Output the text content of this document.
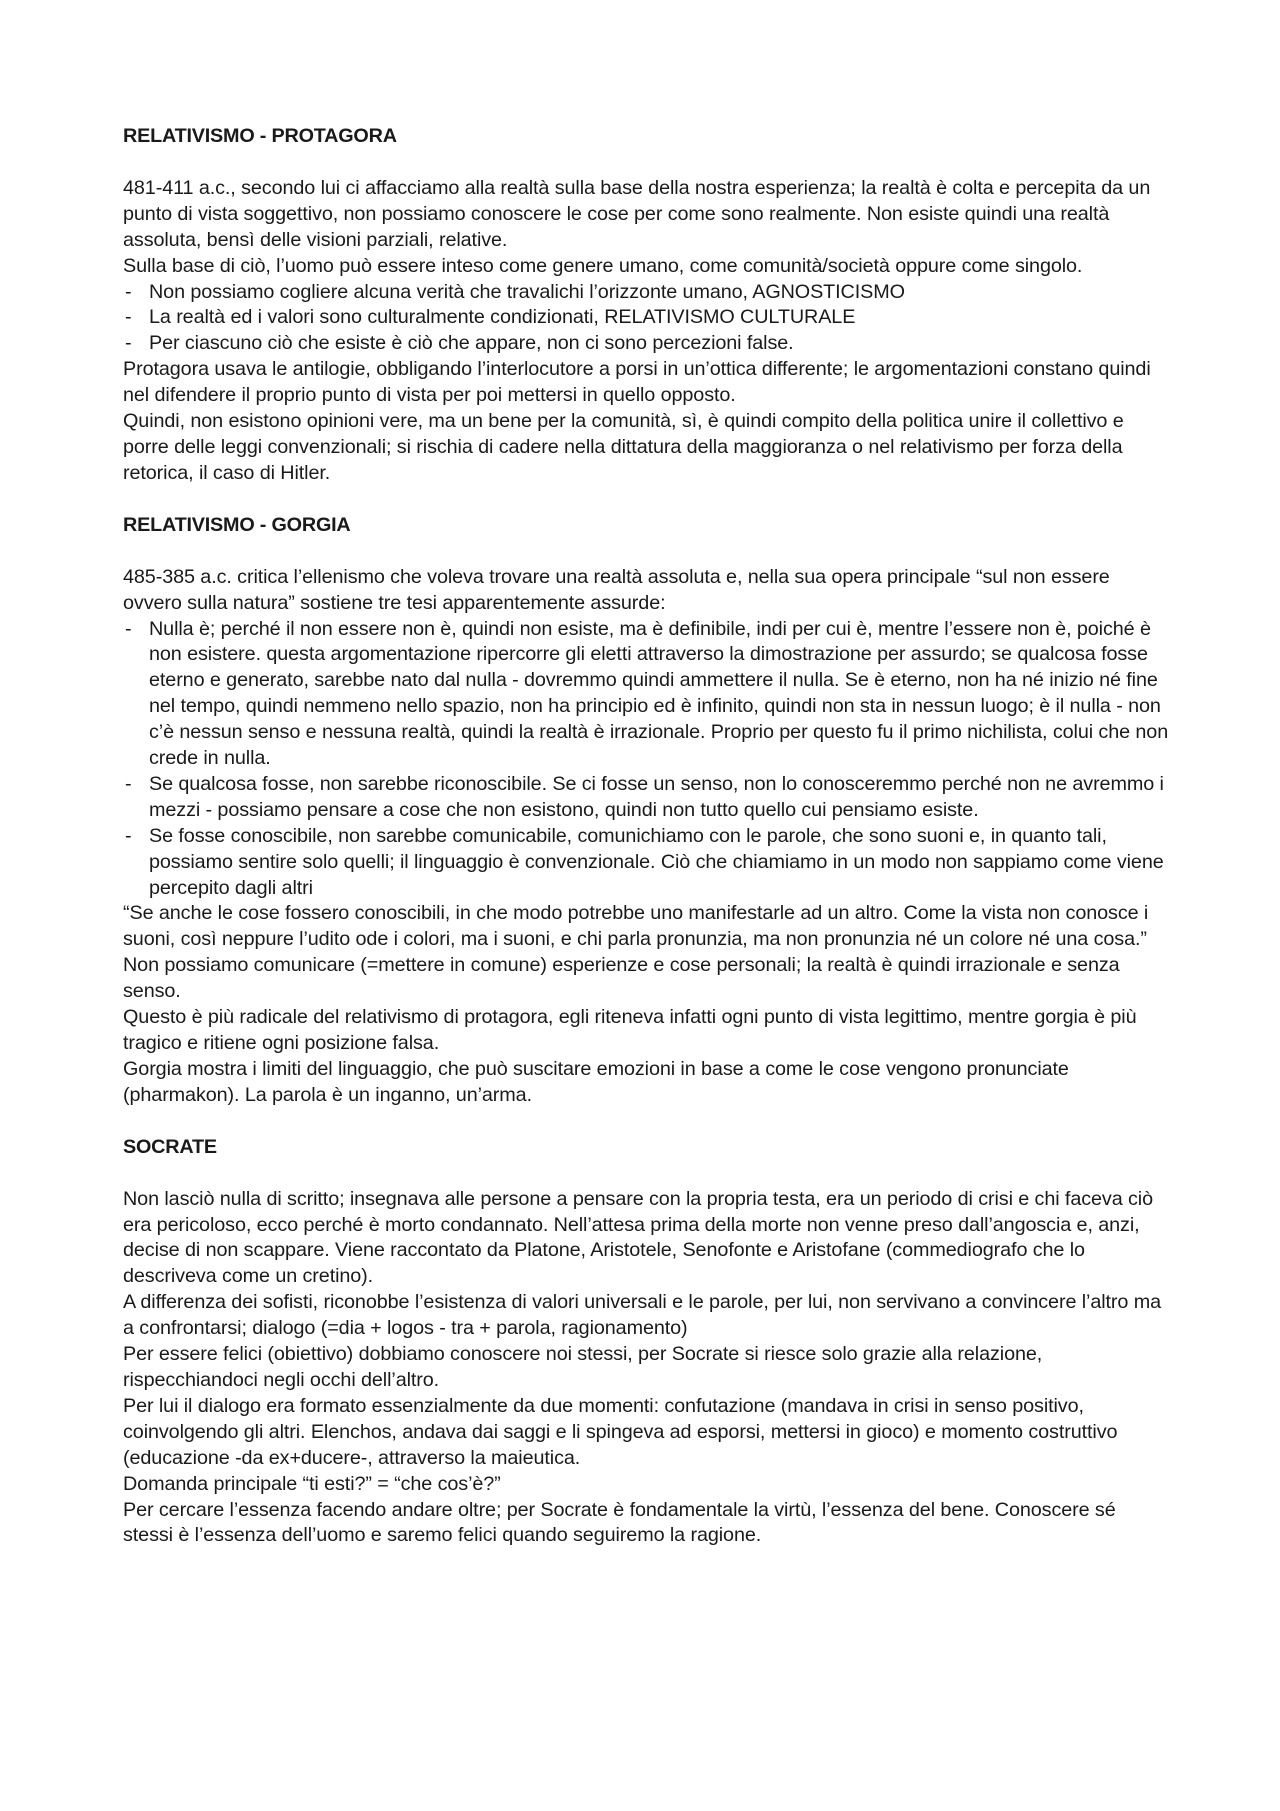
RELATIVISMO - PROTAGORA

481-411 a.c., secondo lui ci affacciamo alla realtà sulla base della nostra esperienza; la realtà è colta e percepita da un punto di vista soggettivo, non possiamo conoscere le cose per come sono realmente. Non esiste quindi una realtà assoluta, bensì delle visioni parziali, relative.

Sulla base di ciò, l’uomo può essere inteso come genere umano, come comunità/società oppure come singolo.

- Non possiamo cogliere alcuna verità che travalichi l’orizzonte umano, AGNOSTICISMO
- La realtà ed i valori sono culturalmente condizionati, RELATIVISMO CULTURALE
- Per ciascuno ciò che esiste è ciò che appare, non ci sono percezioni false.

Protagora usava le antilogie, obbligando l’interlocutore a porsi in un’ottica differente; le argomentazioni constano quindi nel difendere il proprio punto di vista per poi mettersi in quello opposto.

Quindi, non esistono opinioni vere, ma un bene per la comunità, sì, è quindi compito della politica unire il collettivo e porre delle leggi convenzionali; si rischia di cadere nella dittatura della maggioranza o nel relativismo per forza della retorica, il caso di Hitler.

RELATIVISMO - GORGIA

485-385 a.c. critica l’ellenismo che voleva trovare una realtà assoluta e, nella sua opera principale “sul non essere ovvero sulla natura” sostiene tre tesi apparentemente assurde:

- Nulla è; perché il non essere non è, quindi non esiste, ma è definibile, indi per cui è, mentre l’essere non è, poiché è non esistere. questa argomentazione ripercorre gli eletti attraverso la dimostrazione per assurdo; se qualcosa fosse eterno e generato, sarebbe nato dal nulla - dovremmo quindi ammettere il nulla. Se è eterno, non ha né inizio né fine nel tempo, quindi nemmeno nello spazio, non ha principio ed è infinito, quindi non sta in nessun luogo; è il nulla - non c’è nessun senso e nessuna realtà, quindi la realtà è irrazionale. Proprio per questo fu il primo nichilista, colui che non crede in nulla.
- Se qualcosa fosse, non sarebbe riconoscibile. Se ci fosse un senso, non lo conosceremmo perché non ne avremmo i mezzi - possiamo pensare a cose che non esistono, quindi non tutto quello cui pensiamo esiste.
- Se fosse conoscibile, non sarebbe comunicabile, comunichiamo con le parole, che sono suoni e, in quanto tali, possiamo sentire solo quelli; il linguaggio è convenzionale. Ciò che chiamiamo in un modo non sappiamo come viene percepito dagli altri

“Se anche le cose fossero conoscibili, in che modo potrebbe uno manifestarle ad un altro. Come la vista non conosce i suoni, così neppure l’udito ode i colori, ma i suoni, e chi parla pronunzia, ma non pronunzia né un colore né una cosa.” Non possiamo comunicare (=mettere in comune) esperienze e cose personali; la realtà è quindi irrazionale e senza senso.

Questo è più radicale del relativismo di protagora, egli riteneva infatti ogni punto di vista legittimo, mentre gorgia è più tragico e ritiene ogni posizione falsa.

Gorgia mostra i limiti del linguaggio, che può suscitare emozioni in base a come le cose vengono pronunciate (pharmakon). La parola è un inganno, un’arma.

SOCRATE

Non lasciò nulla di scritto; insegnava alle persone a pensare con la propria testa, era un periodo di crisi e chi faceva ciò era pericoloso, ecco perché è morto condannato. Nell’attesa prima della morte non venne preso dall’angoscia e, anzi, decise di non scappare. Viene raccontato da Platone, Aristotele, Senofonte e Aristofane (commediografo che lo descriveva come un cretino).

A differenza dei sofisti, riconobbe l’esistenza di valori universali e le parole, per lui, non servivano a convincere l’altro ma a confrontarsi; dialogo (=dia + logos - tra + parola, ragionamento)

Per essere felici (obiettivo) dobbiamo conoscere noi stessi, per Socrate si riesce solo grazie alla relazione, rispecchiandoci negli occhi dell’altro.

Per lui il dialogo era formato essenzialmente da due momenti: confutazione (mandava in crisi in senso positivo, coinvolgendo gli altri. Elenchos, andava dai saggi e li spingeva ad esporsi, mettersi in gioco) e momento costruttivo (educazione -da ex+ducere-, attraverso la maieutica.

Domanda principale “ti esti?” = “che cos’è?”

Per cercare l’essenza facendo andare oltre; per Socrate è fondamentale la virtù, l’essenza del bene. Conoscere sé stessi è l’essenza dell’uomo e saremo felici quando seguiremo la ragione.
